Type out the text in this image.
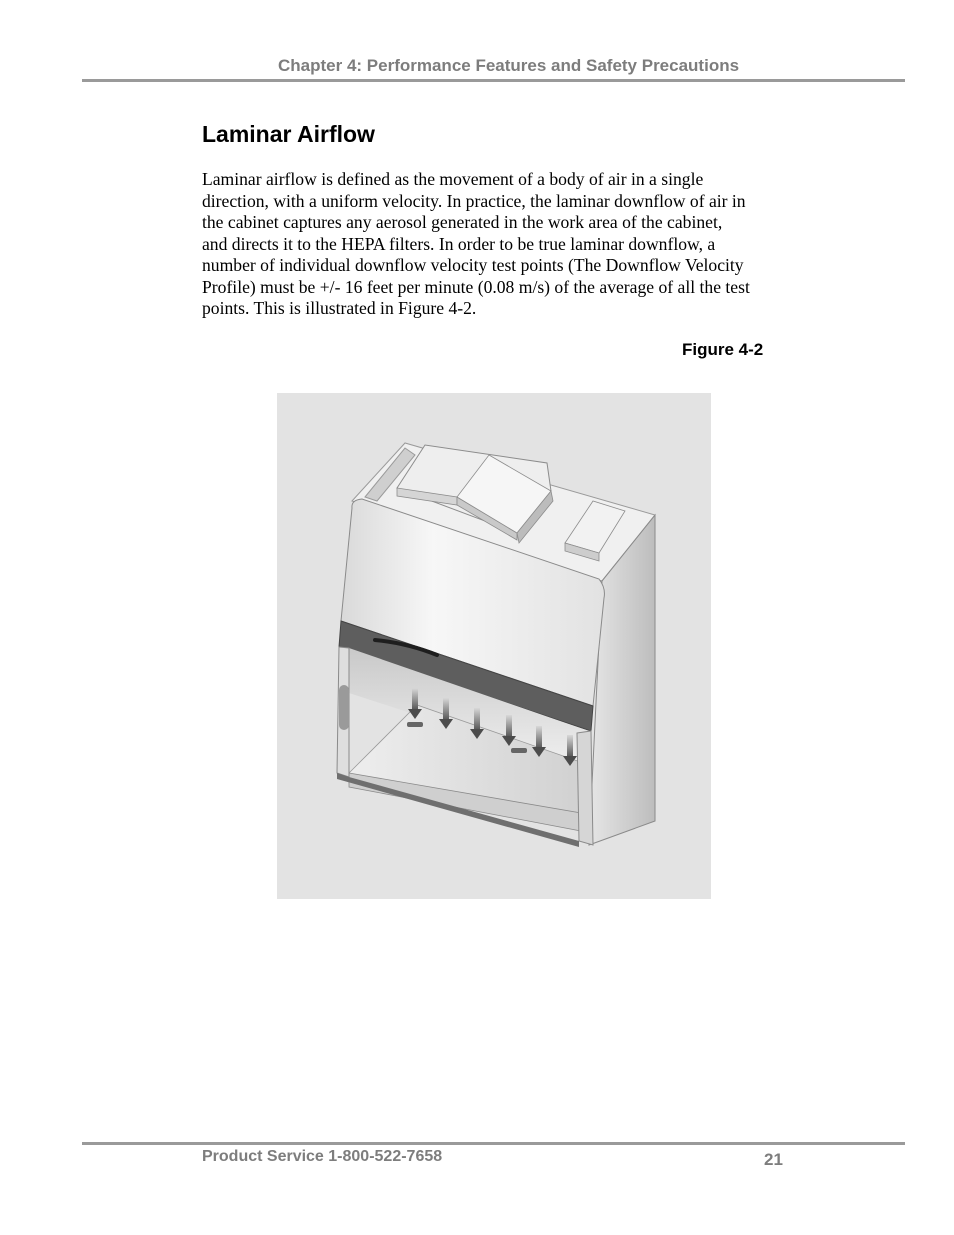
Chapter 4: Performance Features and Safety Precautions
Laminar Airflow

Laminar airflow is defined as the movement of a body of air in a single
direction, with a uniform velocity. In practice, the laminar downflow of air in
the cabinet captures any aerosol generated in the work area of the cabinet,
and directs it to the HEPA filters. In order to be true laminar downflow, a
number of individual downflow velocity test points (The Downflow Velocity
Profile) must be +/- 16 feet per minute (0.08 m/s) of the average of all the test
points. This is illustrated in Figure 4-2.

Figure 4-2
Product Service 1-800-522-7658	21
